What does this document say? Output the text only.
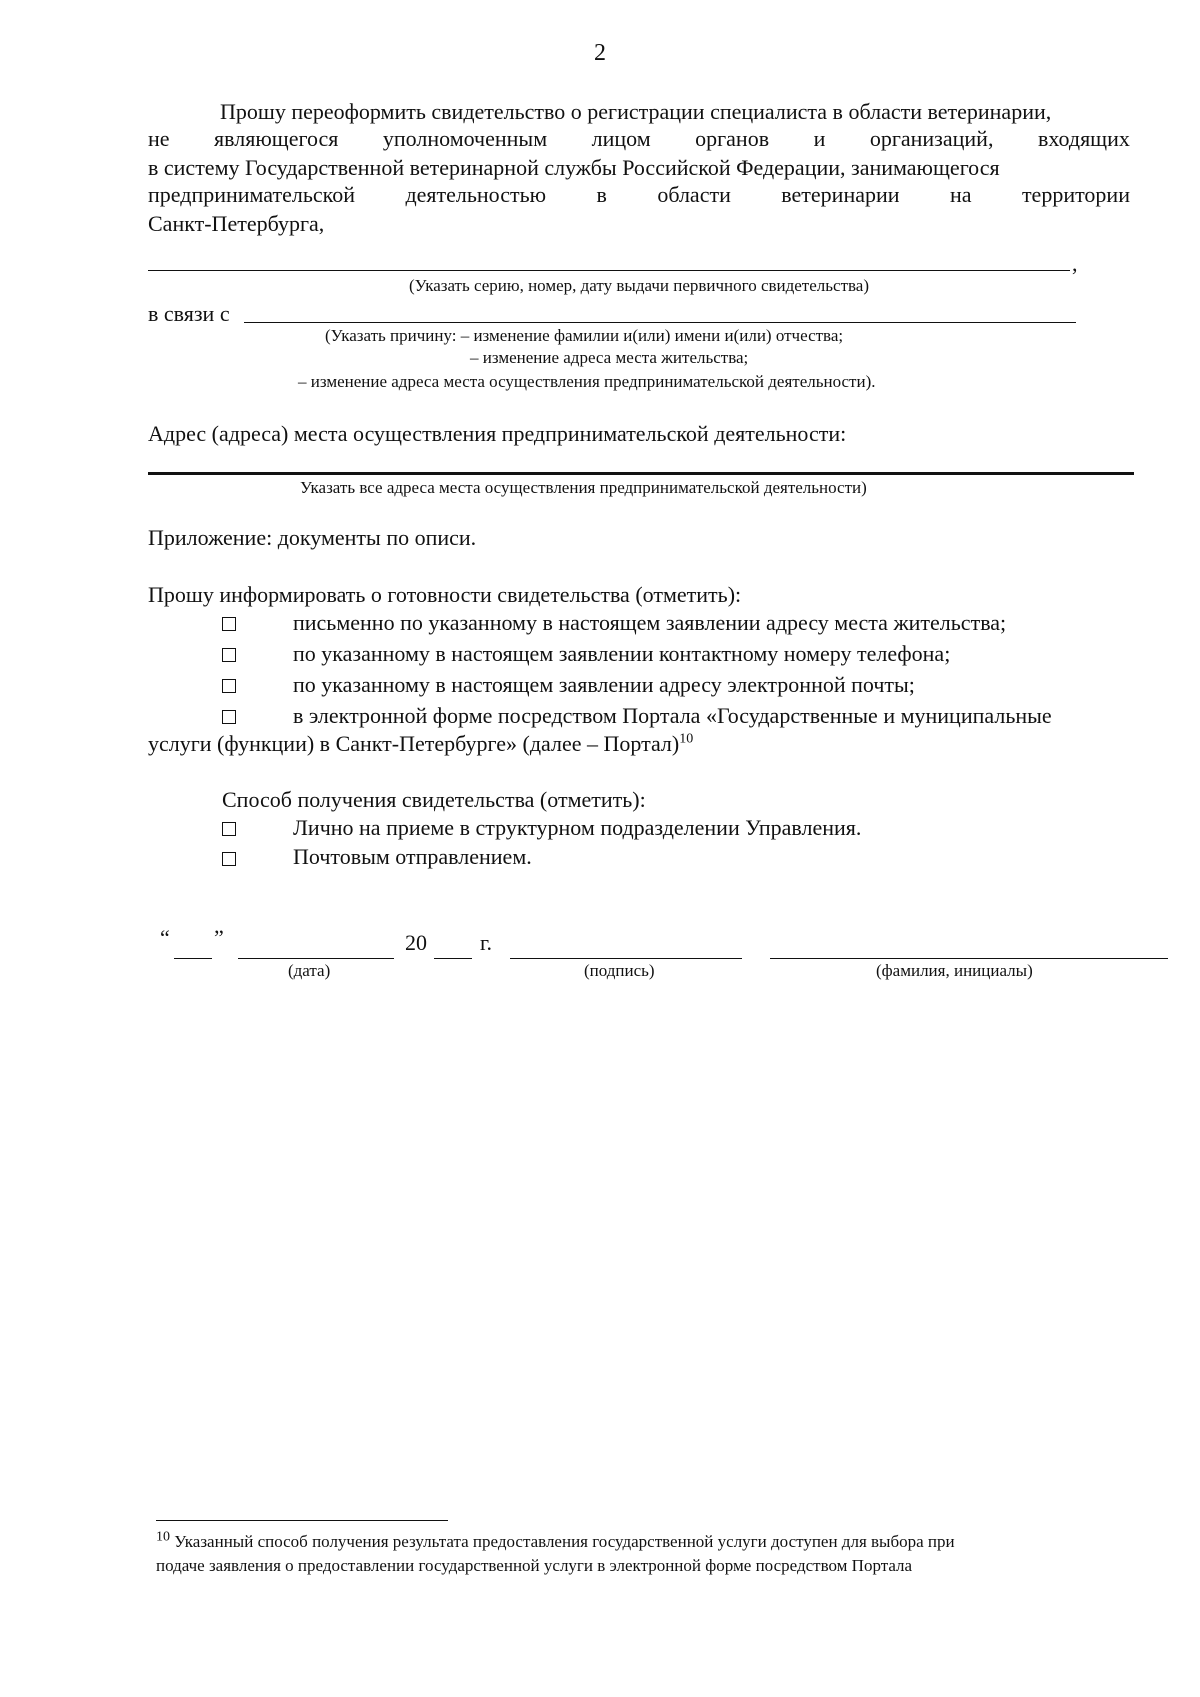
2
Прошу переоформить свидетельство о регистрации специалиста в области ветеринарии,
не являющегося уполномоченным лицом органов и организаций, входящих
в систему Государственной ветеринарной службы Российской Федерации, занимающегося
предпринимательской деятельностью в области ветеринарии на территории
Санкт-Петербурга,
,
(Указать серию, номер, дату выдачи первичного свидетельства)
в связи с
(Указать причину: – изменение фамилии и(или) имени и(или) отчества;
– изменение адреса места жительства;
– изменение адреса места осуществления предпринимательской деятельности).
Адрес (адреса) места осуществления предпринимательской деятельности:
Указать все адреса места осуществления предпринимательской деятельности)
Приложение: документы по описи.
Прошу информировать о готовности свидетельства (отметить):
письменно по указанному в настоящем заявлении адресу места жительства;
по указанному в настоящем заявлении контактному номеру телефона;
по указанному в настоящем заявлении адресу электронной почты;
в электронной форме посредством Портала «Государственные и муниципальные
услуги (функции) в Санкт-Петербурге» (далее – Портал)$^{10}$
Способ получения свидетельства (отметить):
Лично на приеме в структурном подразделении Управления.
Почтовым отправлением.
“ ”	20 г.
(дата)	(подпись)	(фамилия, инициалы)
$^{10}$ Указанный способ получения результата предоставления государственной услуги доступен для выбора при
подаче заявления о предоставлении государственной услуги в электронной форме посредством Портала
